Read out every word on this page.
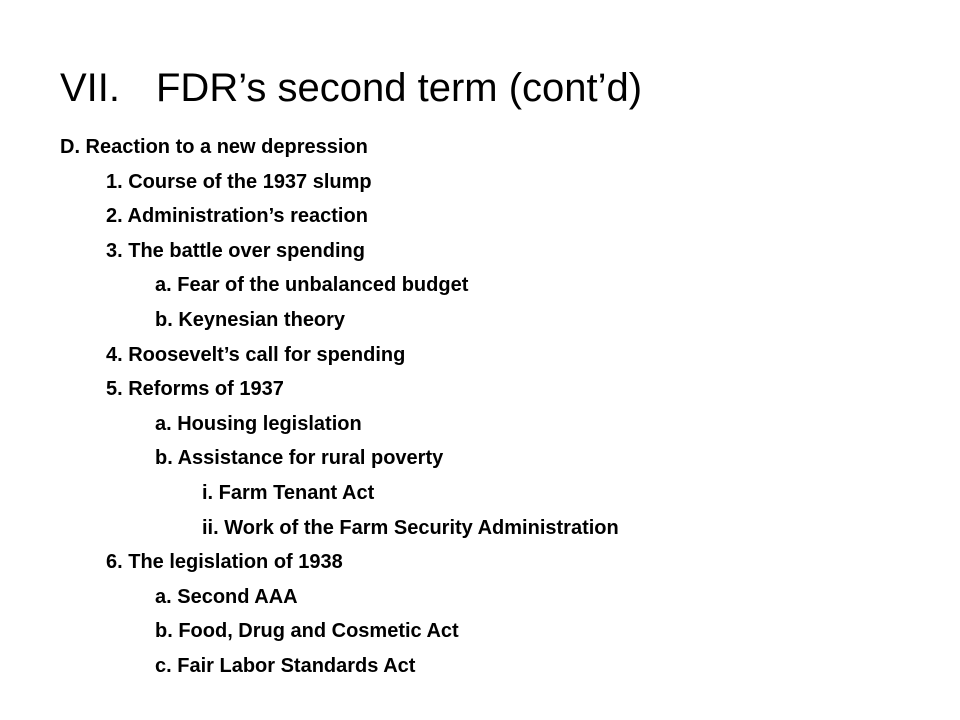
VII. FDR’s second term (cont’d)
D. Reaction to a new depression
1. Course of the 1937 slump
2. Administration’s reaction
3. The battle over spending
a. Fear of the unbalanced budget
b. Keynesian theory
4. Roosevelt’s call for spending
5. Reforms of 1937
a. Housing legislation
b. Assistance for rural poverty
i. Farm Tenant Act
ii. Work of the Farm Security Administration
6. The legislation of 1938
a. Second AAA
b. Food, Drug and Cosmetic Act
c. Fair Labor Standards Act
